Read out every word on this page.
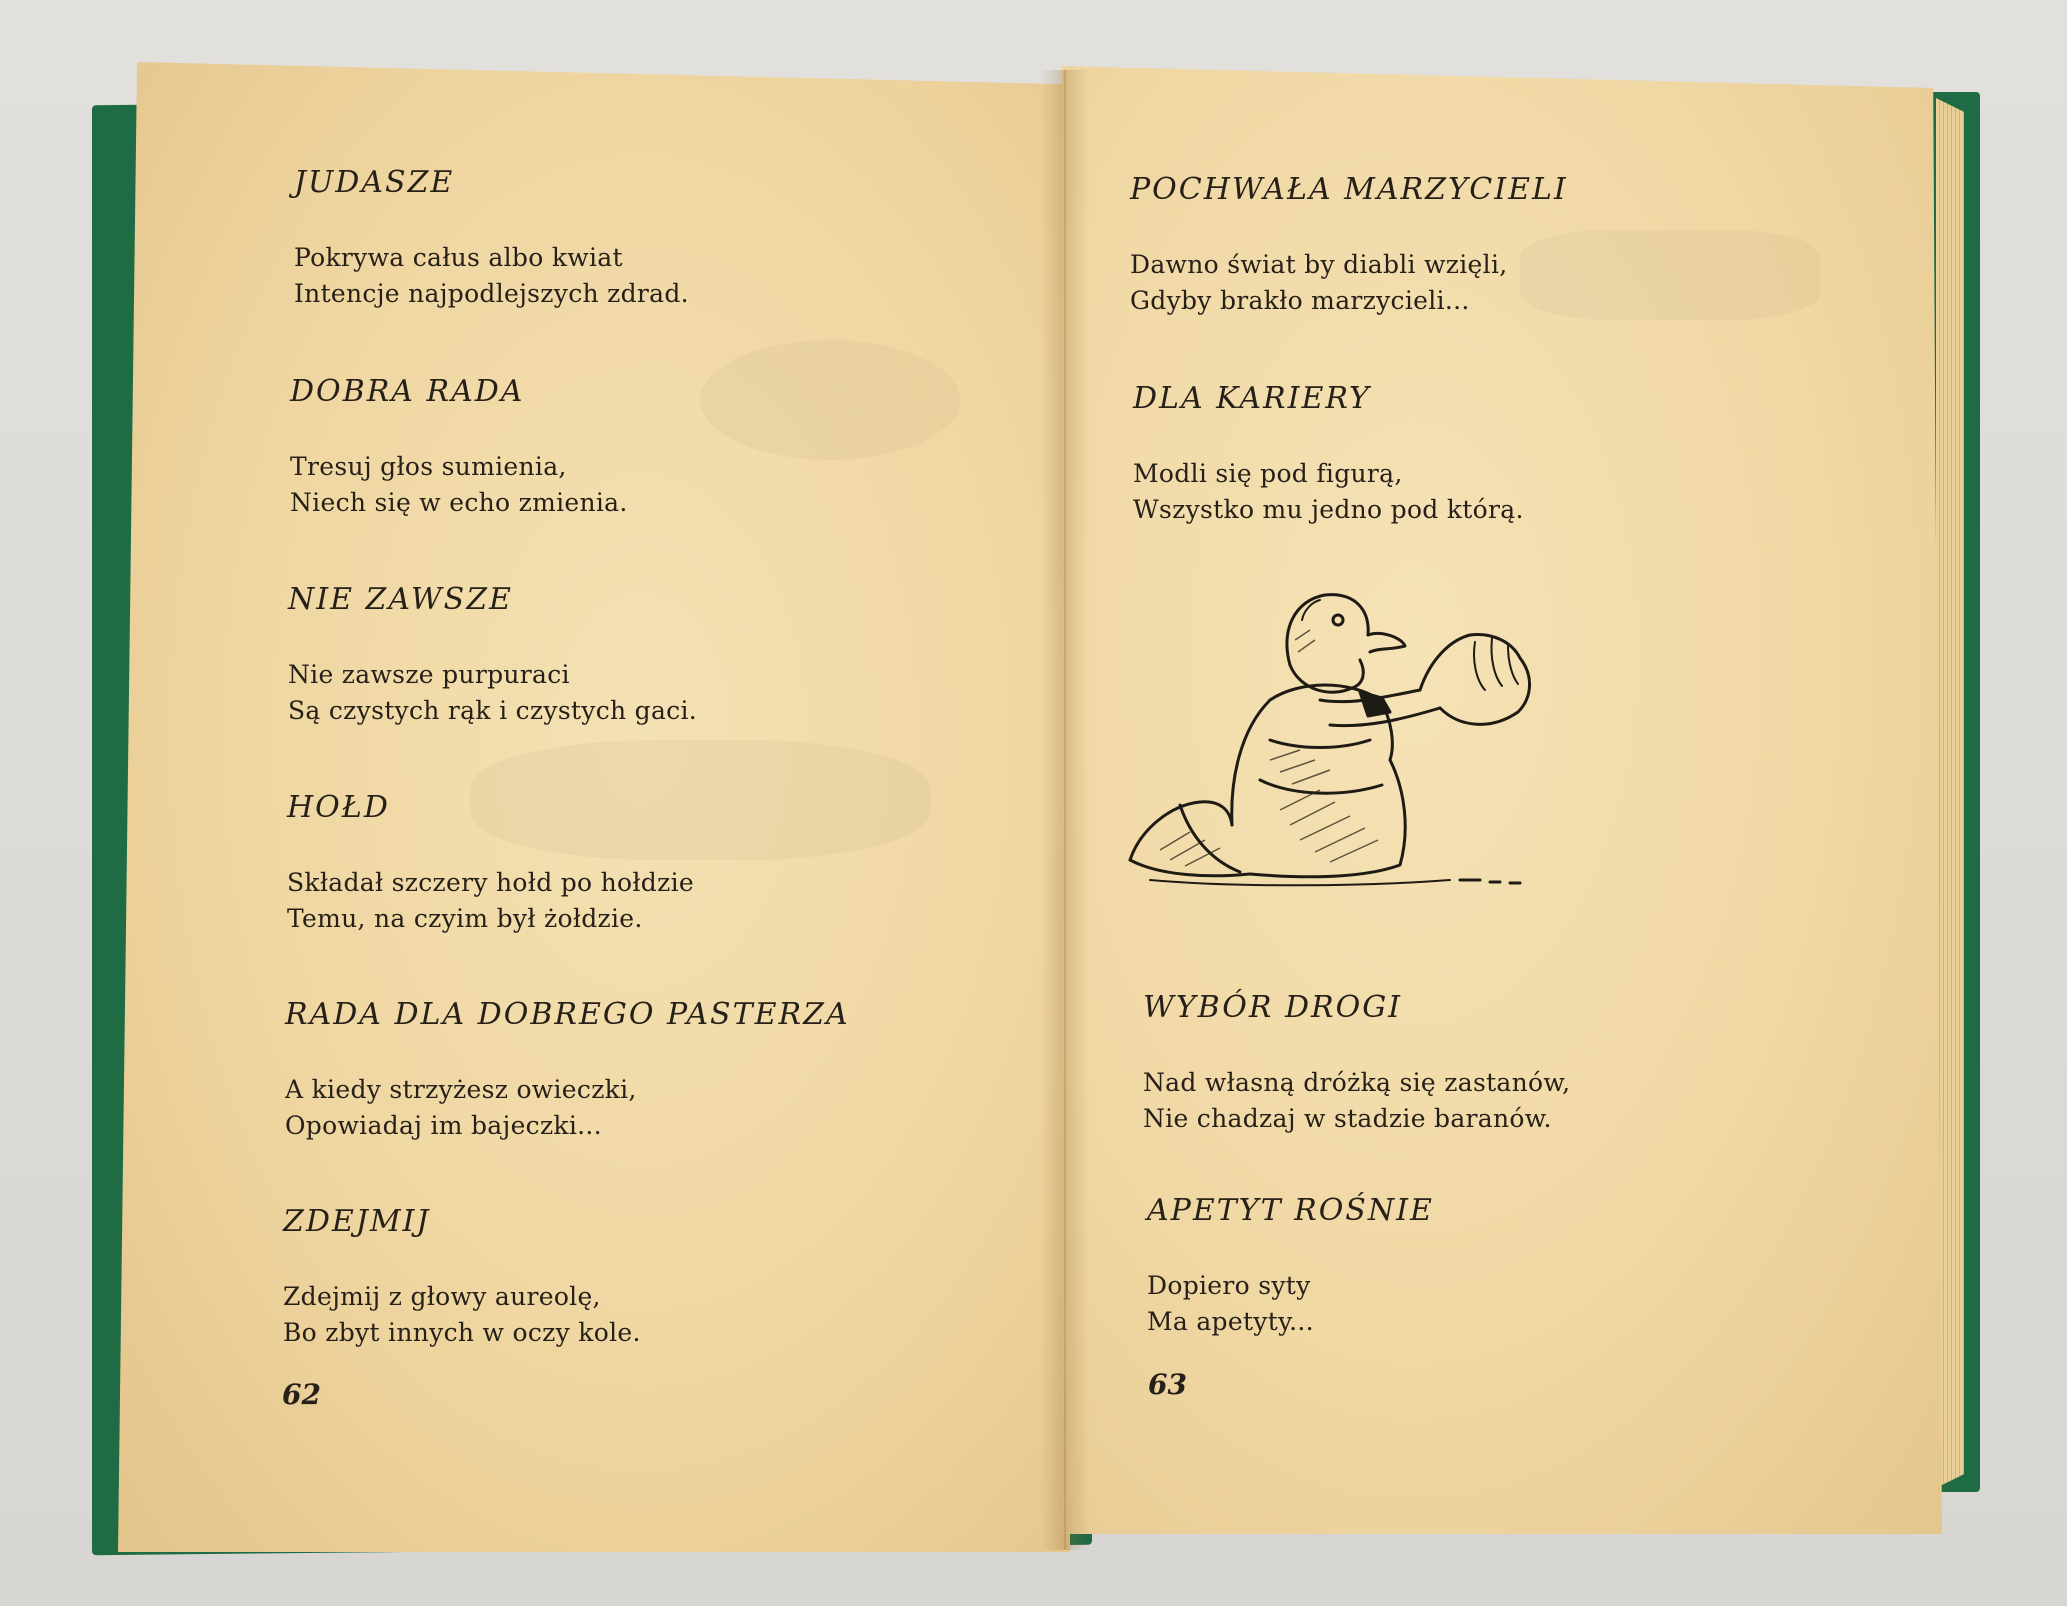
JUDASZE
Pokrywa całus albo kwiat
Intencje najpodlejszych zdrad.
DOBRA RADA
Tresuj głos sumienia,
Niech się w echo zmienia.
NIE ZAWSZE
Nie zawsze purpuraci
Są czystych rąk i czystych gaci.
HOŁD
Składał szczery hołd po hołdzie
Temu, na czyim był żołdzie.
RADA DLA DOBREGO PASTERZA
A kiedy strzyżesz owieczki,
Opowiadaj im bajeczki...
ZDEJMIJ
Zdejmij z głowy aureolę,
Bo zbyt innych w oczy kole.
62
POCHWAŁA MARZYCIELI
Dawno świat by diabli wzięli,
Gdyby brakło marzycieli...
DLA KARIERY
Modli się pod figurą,
Wszystko mu jedno pod którą.
WYBÓR DROGI
Nad własną dróżką się zastanów,
Nie chadzaj w stadzie baranów.
APETYT ROŚNIE
Dopiero syty
Ma apetyty...
63
